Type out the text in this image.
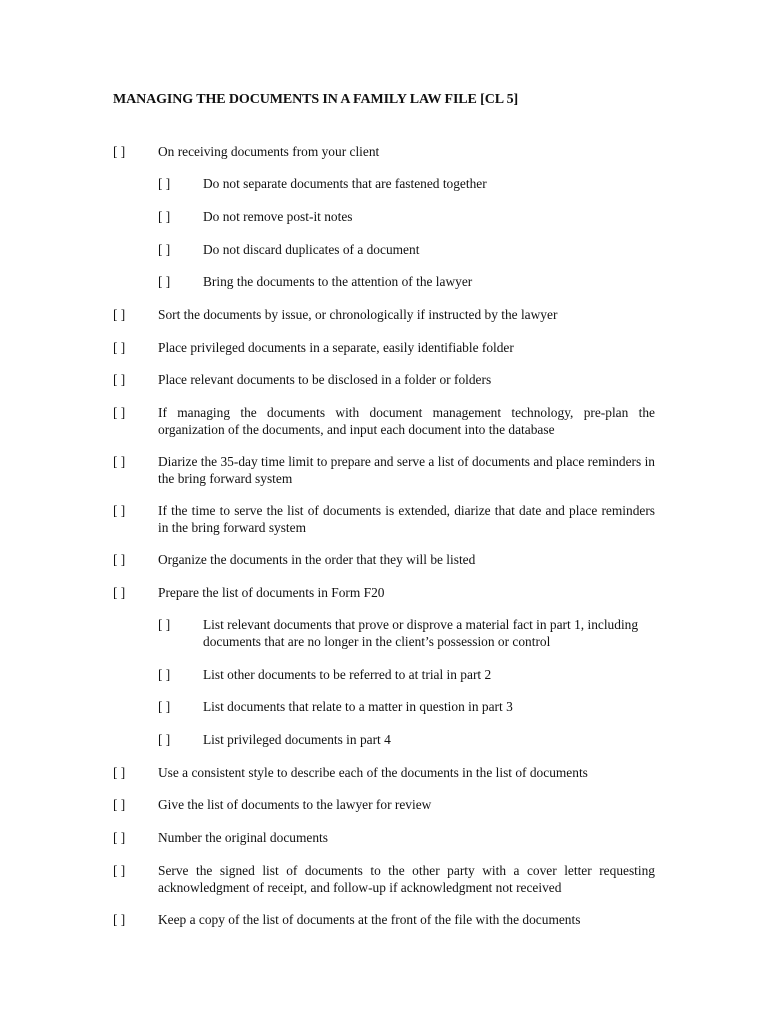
MANAGING THE DOCUMENTS IN A FAMILY LAW FILE [CL 5]
[ ] On receiving documents from your client
[ ] Do not separate documents that are fastened together
[ ] Do not remove post-it notes
[ ] Do not discard duplicates of a document
[ ] Bring the documents to the attention of the lawyer
[ ] Sort the documents by issue, or chronologically if instructed by the lawyer
[ ] Place privileged documents in a separate, easily identifiable folder
[ ] Place relevant documents to be disclosed in a folder or folders
[ ] If managing the documents with document management technology, pre-plan the organization of the documents, and input each document into the database
[ ] Diarize the 35-day time limit to prepare and serve a list of documents and place reminders in the bring forward system
[ ] If the time to serve the list of documents is extended, diarize that date and place reminders in the bring forward system
[ ] Organize the documents in the order that they will be listed
[ ] Prepare the list of documents in Form F20
[ ] List relevant documents that prove or disprove a material fact in part 1, including documents that are no longer in the client’s possession or control
[ ] List other documents to be referred to at trial in part 2
[ ] List documents that relate to a matter in question in part 3
[ ] List privileged documents in part 4
[ ] Use a consistent style to describe each of the documents in the list of documents
[ ] Give the list of documents to the lawyer for review
[ ] Number the original documents
[ ] Serve the signed list of documents to the other party with a cover letter requesting acknowledgment of receipt, and follow-up if acknowledgment not received
[ ] Keep a copy of the list of documents at the front of the file with the documents
